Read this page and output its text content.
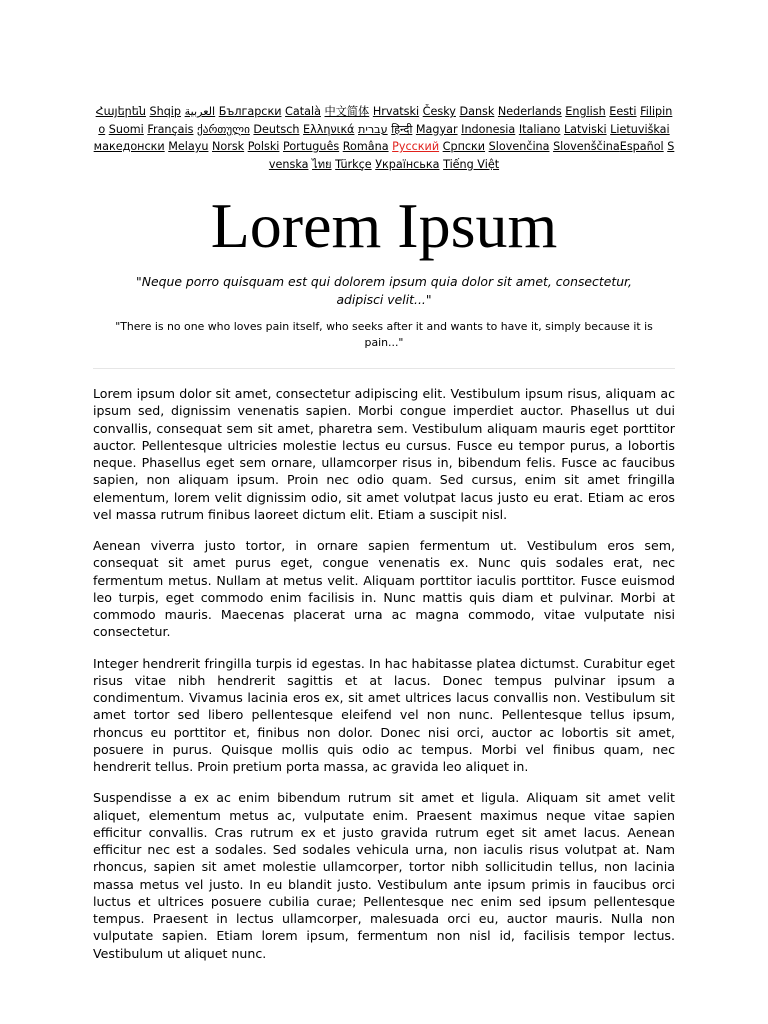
Հայերեն Shqip العربية Български Català 中文简体 Hrvatski Česky Dansk Nederlands English Eesti Filipino Suomi Français ქართული Deutsch Ελληνικά עברית हिन्दी Magyar Indonesia Italiano Latviski Lietuviškai македонски Melayu Norsk Polski Português Româna Pусский Српски Slovenčina SlovenščinaEspañol Svenska ไทย Türkçe Українська Tiếng Việt
Lorem Ipsum
"Neque porro quisquam est qui dolorem ipsum quia dolor sit amet, consectetur, adipisci velit..."
"There is no one who loves pain itself, who seeks after it and wants to have it, simply because it is pain..."

Lorem ipsum dolor sit amet, consectetur adipiscing elit. Vestibulum ipsum risus, aliquam ac ipsum sed, dignissim venenatis sapien. Morbi congue imperdiet auctor. Phasellus ut dui convallis, consequat sem sit amet, pharetra sem. Vestibulum aliquam mauris eget porttitor auctor. Pellentesque ultricies molestie lectus eu cursus. Fusce eu tempor purus, a lobortis neque. Phasellus eget sem ornare, ullamcorper risus in, bibendum felis. Fusce ac faucibus sapien, non aliquam ipsum. Proin nec odio quam. Sed cursus, enim sit amet fringilla elementum, lorem velit dignissim odio, sit amet volutpat lacus justo eu erat. Etiam ac eros vel massa rutrum finibus laoreet dictum elit. Etiam a suscipit nisl.

Aenean viverra justo tortor, in ornare sapien fermentum ut. Vestibulum eros sem, consequat sit amet purus eget, congue venenatis ex. Nunc quis sodales erat, nec fermentum metus. Nullam at metus velit. Aliquam porttitor iaculis porttitor. Fusce euismod leo turpis, eget commodo enim facilisis in. Nunc mattis quis diam et pulvinar. Morbi at commodo mauris. Maecenas placerat urna ac magna commodo, vitae vulputate nisi consectetur.

Integer hendrerit fringilla turpis id egestas. In hac habitasse platea dictumst. Curabitur eget risus vitae nibh hendrerit sagittis et at lacus. Donec tempus pulvinar ipsum a condimentum. Vivamus lacinia eros ex, sit amet ultrices lacus convallis non. Vestibulum sit amet tortor sed libero pellentesque eleifend vel non nunc. Pellentesque tellus ipsum, rhoncus eu porttitor et, finibus non dolor. Donec nisi orci, auctor ac lobortis sit amet, posuere in purus. Quisque mollis quis odio ac tempus. Morbi vel finibus quam, nec hendrerit tellus. Proin pretium porta massa, ac gravida leo aliquet in.

Suspendisse a ex ac enim bibendum rutrum sit amet et ligula. Aliquam sit amet velit aliquet, elementum metus ac, vulputate enim. Praesent maximus neque vitae sapien efficitur convallis. Cras rutrum ex et justo gravida rutrum eget sit amet lacus. Aenean efficitur nec est a sodales. Sed sodales vehicula urna, non iaculis risus volutpat at. Nam rhoncus, sapien sit amet molestie ullamcorper, tortor nibh sollicitudin tellus, non lacinia massa metus vel justo. In eu blandit justo. Vestibulum ante ipsum primis in faucibus orci luctus et ultrices posuere cubilia curae; Pellentesque nec enim sed ipsum pellentesque tempus. Praesent in lectus ullamcorper, malesuada orci eu, auctor mauris. Nulla non vulputate sapien. Etiam lorem ipsum, fermentum non nisl id, facilisis tempor lectus. Vestibulum ut aliquet nunc.
